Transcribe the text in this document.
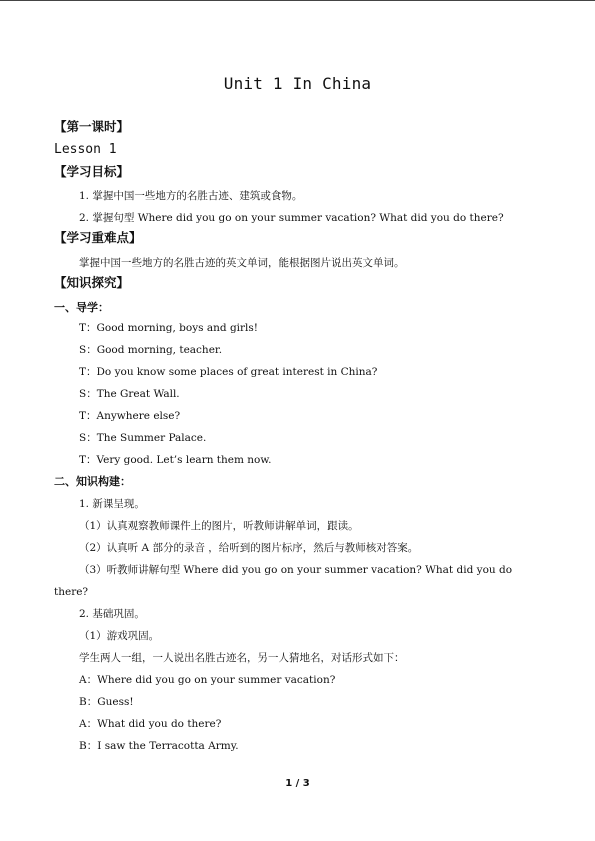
Unit 1 In China
【第一课时】
Lesson 1
【学习目标】
1. 掌握中国一些地方的名胜古迹、建筑或食物。
2. 掌握句型 Where did you go on your summer vacation? What did you do there?
【学习重难点】
掌握中国一些地方的名胜古迹的英文单词，能根据图片说出英文单词。
【知识探究】
一、导学：
T：Good morning, boys and girls!
S：Good morning, teacher.
T：Do you know some places of great interest in China?
S：The Great Wall.
T：Anywhere else?
S：The Summer Palace.
T：Very good. Let’s learn them now.
二、知识构建：
1. 新课呈现。
（1）认真观察教师课件上的图片，听教师讲解单词，跟读。
（2）认真听 A 部分的录音 ，给听到的图片标序，然后与教师核对答案。
（3）听教师讲解句型 Where did you go on your summer vacation? What did you do
there?
2. 基础巩固。
（1）游戏巩固。
学生两人一组，一人说出名胜古迹名，另一人猜地名，对话形式如下：
A：Where did you go on your summer vacation?
B：Guess!
A：What did you do there?
B：I saw the Terracotta Army.
1 / 3
